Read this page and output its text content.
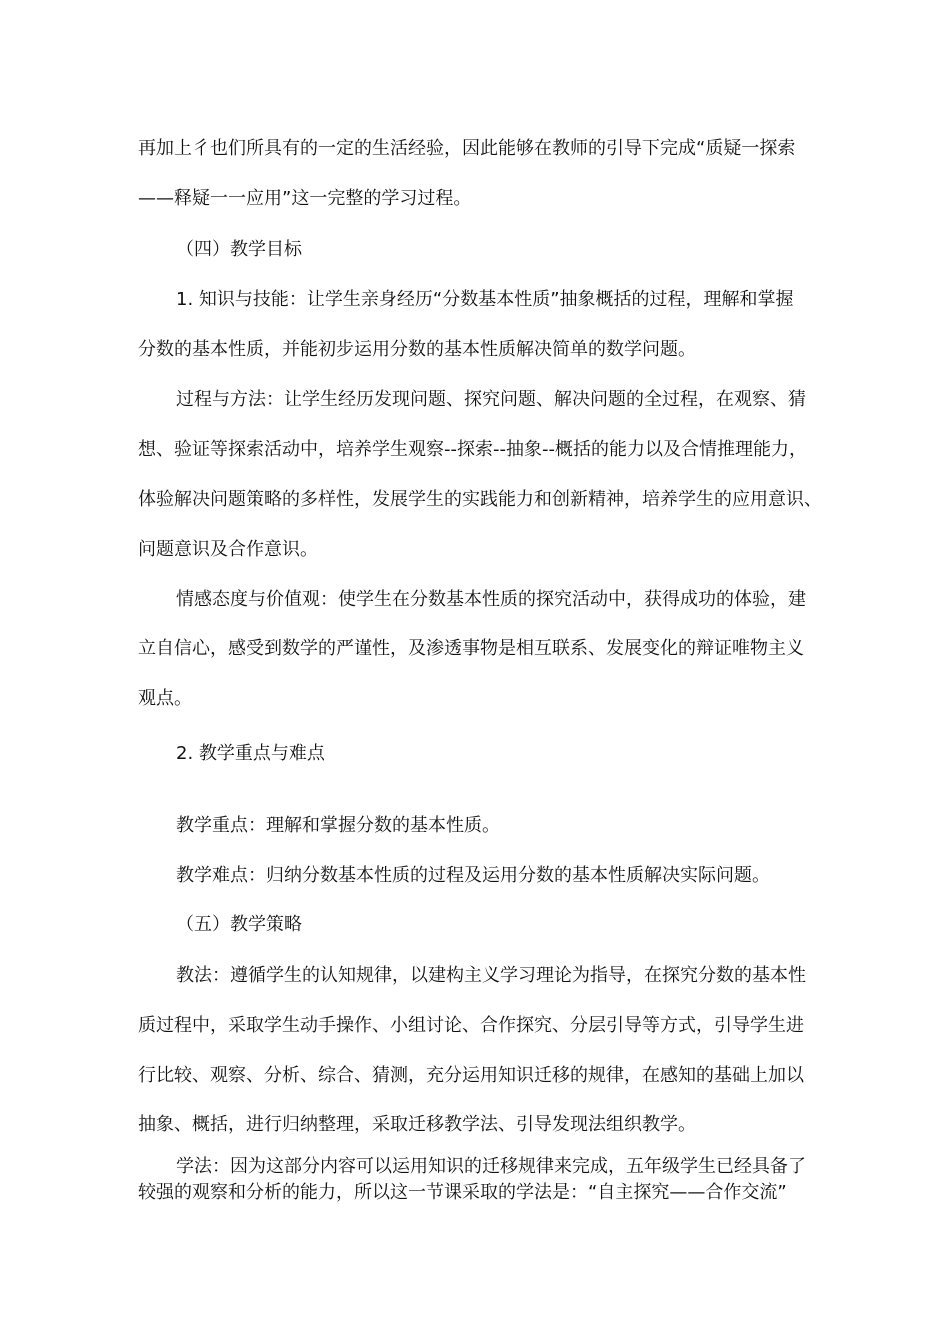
再加上彳也们所具有的一定的生活经验，因此能够在教师的引导下完成“质疑一探索
——释疑一一应用”这一完整的学习过程。
（四）教学目标
1. 知识与技能：让学生亲身经历“分数基本性质”抽象概括的过程，理解和掌握
分数的基本性质，并能初步运用分数的基本性质解决简单的数学问题。
过程与方法：让学生经历发现问题、探究问题、解决问题的全过程，在观察、猜
想、验证等探索活动中，培养学生观察--探索--抽象--概括的能力以及合情推理能力，
体验解决问题策略的多样性，发展学生的实践能力和创新精神，培养学生的应用意识、
问题意识及合作意识。
情感态度与价值观：使学生在分数基本性质的探究活动中，获得成功的体验，建
立自信心，感受到数学的严谨性，及渗透事物是相互联系、发展变化的辩证唯物主义
观点。
2. 教学重点与难点
教学重点：理解和掌握分数的基本性质。
教学难点：归纳分数基本性质的过程及运用分数的基本性质解决实际问题。
（五）教学策略
教法：遵循学生的认知规律，以建构主义学习理论为指导，在探究分数的基本性
质过程中，采取学生动手操作、小组讨论、合作探究、分层引导等方式，引导学生进
行比较、观察、分析、综合、猜测，充分运用知识迁移的规律，在感知的基础上加以
抽象、概括，进行归纳整理，采取迁移教学法、引导发现法组织教学。
学法：因为这部分内容可以运用知识的迁移规律来完成，五年级学生已经具备了
较强的观察和分析的能力，所以这一节课采取的学法是：“自主探究——合作交流”
